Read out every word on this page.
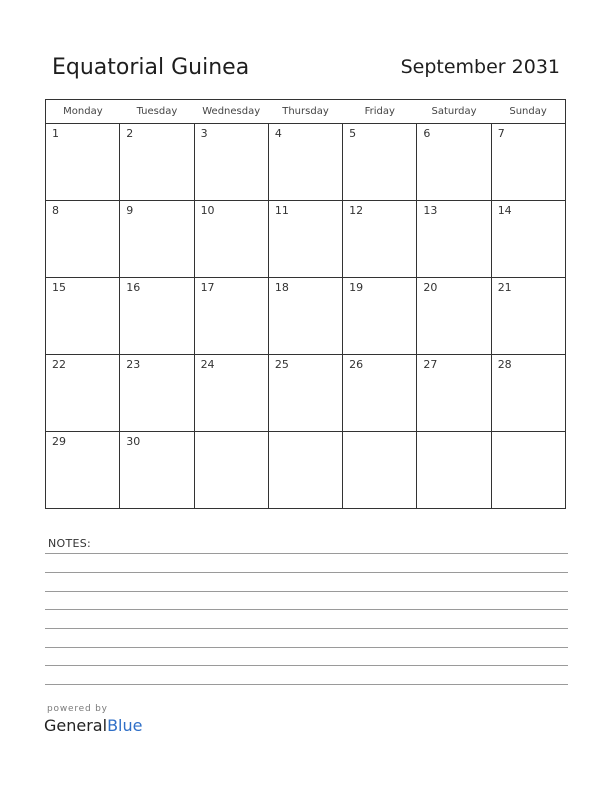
Equatorial Guinea	September 2031
Monday	Tuesday	Wednesday	Thursday	Friday	Saturday	Sunday

1	2	3	4	5	6	7

8	9	10	11	12	13	14

15	16	17	18	19	20	21

22	23	24	25	26	27	28

29	30					

NOTES:
powered by
GeneralBlue
